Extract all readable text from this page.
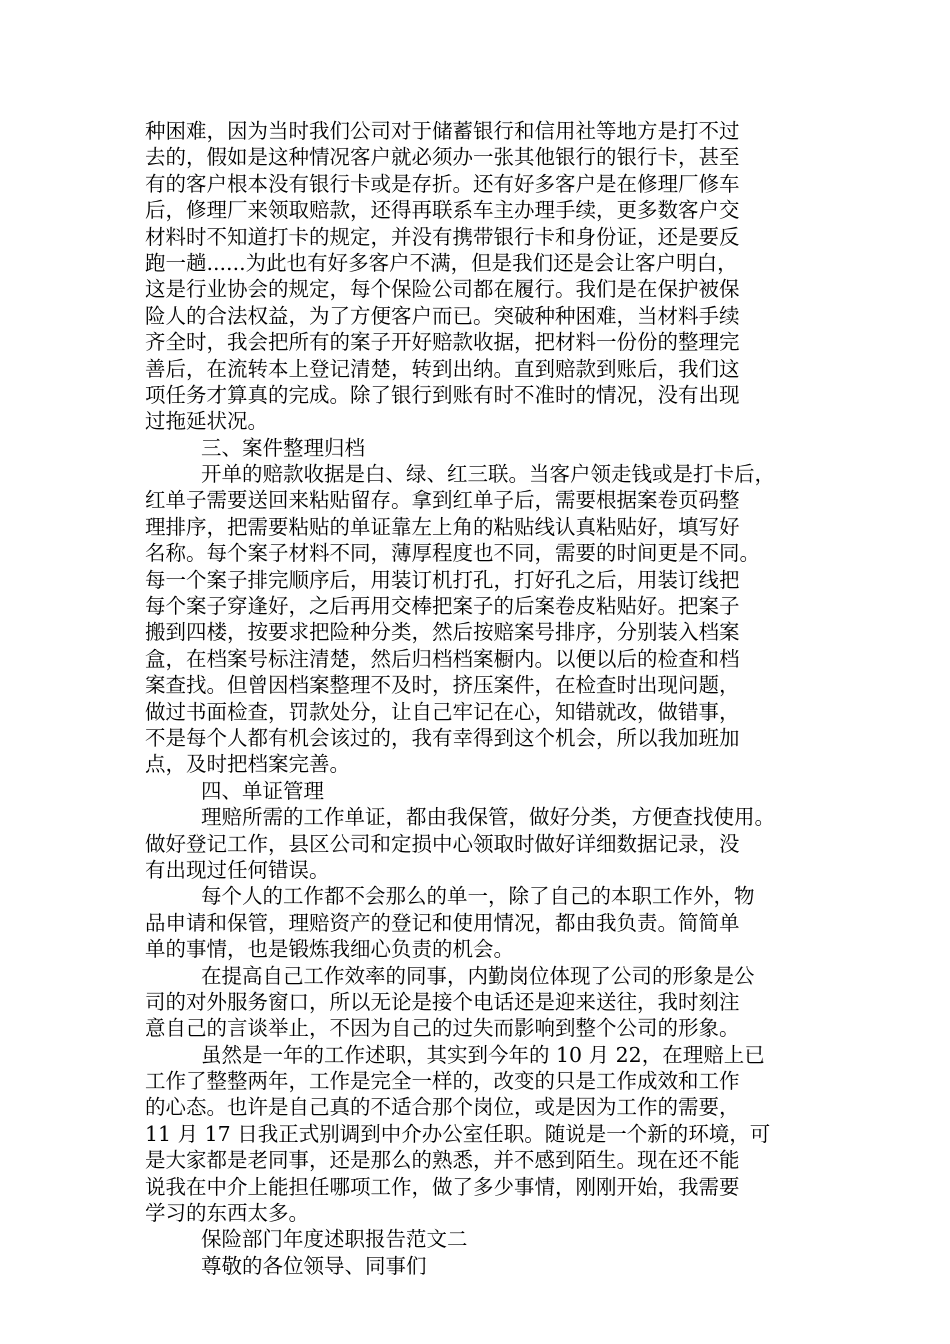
种困难，因为当时我们公司对于储蓄银行和信用社等地方是打不过
去的，假如是这种情况客户就必须办一张其他银行的银行卡，甚至
有的客户根本没有银行卡或是存折。还有好多客户是在修理厂修车
后，修理厂来领取赔款，还得再联系车主办理手续，更多数客户交
材料时不知道打卡的规定，并没有携带银行卡和身份证，还是要反
跑一趟......为此也有好多客户不满，但是我们还是会让客户明白，
这是行业协会的规定，每个保险公司都在履行。我们是在保护被保
险人的合法权益，为了方便客户而已。突破种种困难，当材料手续
齐全时，我会把所有的案子开好赔款收据，把材料一份份的整理完
善后，在流转本上登记清楚，转到出纳。直到赔款到账后，我们这
项任务才算真的完成。除了银行到账有时不准时的情况，没有出现
过拖延状况。
三、案件整理归档
开单的赔款收据是白、绿、红三联。当客户领走钱或是打卡后，
红单子需要送回来粘贴留存。拿到红单子后，需要根据案卷页码整
理排序，把需要粘贴的单证靠左上角的粘贴线认真粘贴好，填写好
名称。每个案子材料不同，薄厚程度也不同，需要的时间更是不同。
每一个案子排完顺序后，用装订机打孔，打好孔之后，用装订线把
每个案子穿逢好，之后再用交棒把案子的后案卷皮粘贴好。把案子
搬到四楼，按要求把险种分类，然后按赔案号排序，分别装入档案
盒，在档案号标注清楚，然后归档档案橱内。以便以后的检查和档
案查找。但曾因档案整理不及时，挤压案件，在检查时出现问题，
做过书面检查，罚款处分，让自己牢记在心，知错就改，做错事，
不是每个人都有机会该过的，我有幸得到这个机会，所以我加班加
点，及时把档案完善。
四、单证管理
理赔所需的工作单证，都由我保管，做好分类，方便查找使用。
做好登记工作，县区公司和定损中心领取时做好详细数据记录，没
有出现过任何错误。
每个人的工作都不会那么的单一，除了自己的本职工作外，物
品申请和保管，理赔资产的登记和使用情况，都由我负责。简简单
单的事情，也是锻炼我细心负责的机会。
在提高自己工作效率的同事，内勤岗位体现了公司的形象是公
司的对外服务窗口，所以无论是接个电话还是迎来送往，我时刻注
意自己的言谈举止，不因为自己的过失而影响到整个公司的形象。
虽然是一年的工作述职，其实到今年的 10 月 22，在理赔上已
工作了整整两年，工作是完全一样的，改变的只是工作成效和工作
的心态。也许是自己真的不适合那个岗位，或是因为工作的需要，
11 月 17 日我正式别调到中介办公室任职。随说是一个新的环境，可
是大家都是老同事，还是那么的熟悉，并不感到陌生。现在还不能
说我在中介上能担任哪项工作，做了多少事情，刚刚开始，我需要
学习的东西太多。
保险部门年度述职报告范文二
尊敬的各位领导、同事们
